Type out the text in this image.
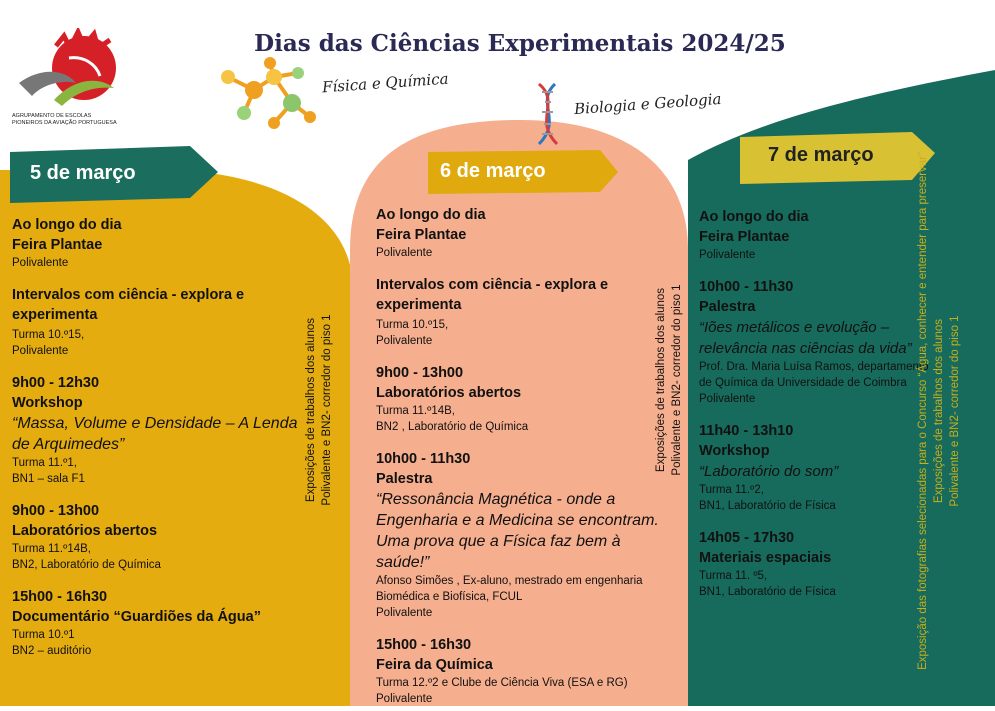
AGRUPAMENTO DE ESCOLAS
PIONEIROS DA AVIAÇÃO PORTUGUESA
Dias das Ciências Experimentais 2024/25
Física e Química
Biologia e Geologia
5 de março	6 de março
7 de março
Ao longo do dia
Feira Plantae
Polivalente
Intervalos com ciência - explora e experimenta
Turma 10.º15,
Polivalente
9h00 - 12h30
Workshop
“Massa, Volume e Densidade – A Lenda de Arquimedes”
Turma 11.º1,
BN1 – sala F1
9h00 - 13h00
Laboratórios abertos
Turma 11.º14B,
BN2, Laboratório de Química
15h00 - 16h30
Documentário “Guardiões da Água”
Turma 10.º1
BN2 – auditório
Exposições de trabalhos dos alunos Polivalente e BN2- corredor do piso 1
Ao longo do dia
Feira Plantae
Polivalente
Intervalos com ciência - explora e experimenta
Turma 10.º15,
Polivalente
9h00 - 13h00
Laboratórios abertos
Turma 11.º14B,
BN2 , Laboratório de Química
10h00 - 11h30
Palestra
“Ressonância Magnética - onde a Engenharia e a Medicina se encontram. Uma prova que a Física faz bem à saúde!”
Afonso Simões , Ex-aluno, mestrado em engenharia Biomédica e Biofísica, FCUL
Polivalente
15h00 - 16h30
Feira da Química
Turma 12.º2 e Clube de Ciência Viva (ESA e RG)
Polivalente
Exposições de trabalhos dos alunos Polivalente e BN2- corredor do piso 1
Ao longo do dia
Feira Plantae
Polivalente
10h00 - 11h30
Palestra
“Iões metálicos e evolução – relevância nas ciências da vida”
Prof. Dra. Maria Luísa Ramos, departamento de Química da Universidade de Coimbra
Polivalente
11h40 - 13h10
Workshop
“Laboratório do som”
Turma 11.º2,
BN1, Laboratório de Física
14h05 - 17h30
Materiais espaciais
Turma 11. º5,
BN1, Laboratório de Física	Exposição das fotografias selecionadas para o Concurso “Água, conhecer e entender para preservar” Exposições de trabalhos dos alunos Polivalente e BN2- corredor do piso 1
